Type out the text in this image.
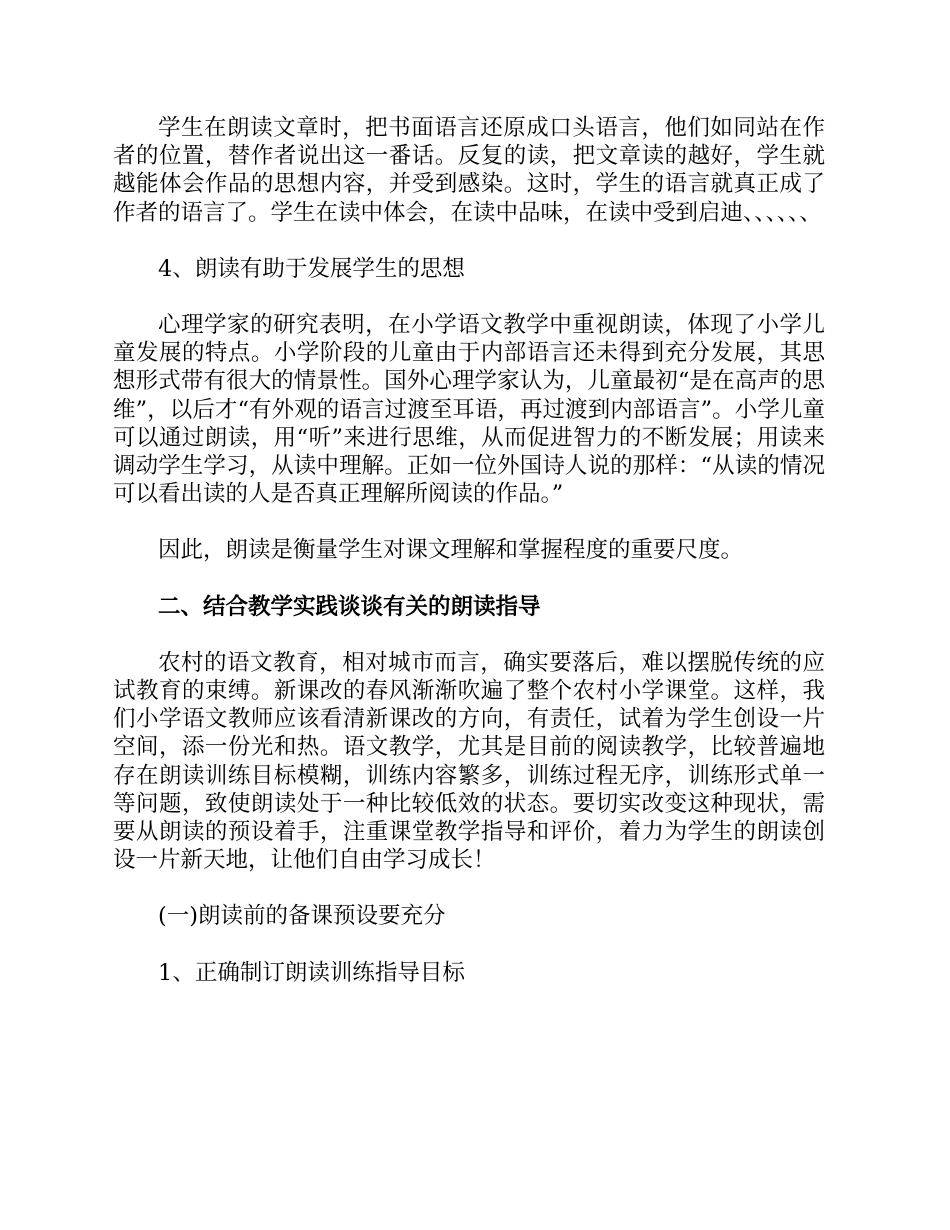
学生在朗读文章时，把书面语言还原成口头语言，他们如同站在作者的位置，替作者说出这一番话。反复的读，把文章读的越好，学生就越能体会作品的思想内容，并受到感染。这时，学生的语言就真正成了作者的语言了。学生在读中体会，在读中品味，在读中受到启迪、、、、、、

4、朗读有助于发展学生的思想

心理学家的研究表明，在小学语文教学中重视朗读，体现了小学儿童发展的特点。小学阶段的儿童由于内部语言还未得到充分发展，其思想形式带有很大的情景性。国外心理学家认为，儿童最初“是在高声的思维”，以后才“有外观的语言过渡至耳语，再过渡到内部语言”。小学儿童可以通过朗读，用“听”来进行思维，从而促进智力的不断发展；用读来调动学生学习，从读中理解。正如一位外国诗人说的那样：“从读的情况可以看出读的人是否真正理解所阅读的作品。”

因此，朗读是衡量学生对课文理解和掌握程度的重要尺度。

二、结合教学实践谈谈有关的朗读指导

农村的语文教育，相对城市而言，确实要落后，难以摆脱传统的应试教育的束缚。新课改的春风渐渐吹遍了整个农村小学课堂。这样，我们小学语文教师应该看清新课改的方向，有责任，试着为学生创设一片空间，添一份光和热。语文教学，尤其是目前的阅读教学，比较普遍地存在朗读训练目标模糊，训练内容繁多，训练过程无序，训练形式单一等问题，致使朗读处于一种比较低效的状态。要切实改变这种现状，需要从朗读的预设着手，注重课堂教学指导和评价，着力为学生的朗读创设一片新天地，让他们自由学习成长！

(一)朗读前的备课预设要充分

1、正确制订朗读训练指导目标
